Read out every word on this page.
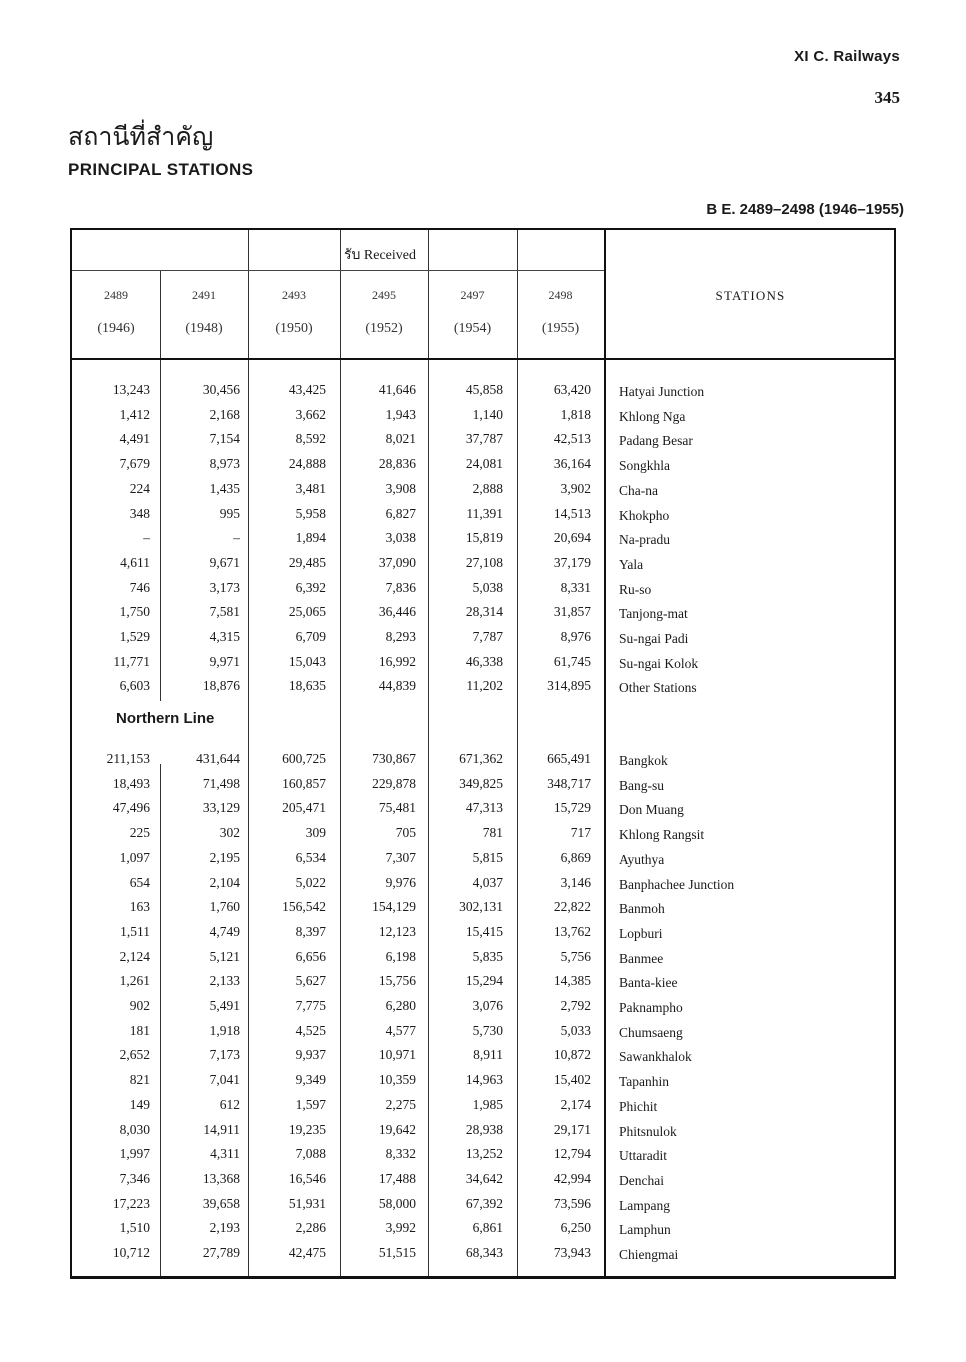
XI C. Railways
345
สถานีที่สำคัญ
PRINCIPAL STATIONS
B E. 2489–2498 (1946–1955)
รับ Received
STATIONS
2489	2491	2493	2495	2497	2498
(1946)	(1948)	(1950)	(1952)	(1954)	(1955)
Northern Line
13,243	30,456	43,425	41,646	45,858	63,420 Hatyai Junction
1,412	2,168	3,662	1,943	1,140	1,818 Khlong Nga
4,491	7,154	8,592	8,021	37,787	42,513 Padang Besar
7,679	8,973	24,888	28,836	24,081	36,164 Songkhla
224	1,435	3,481	3,908	2,888	3,902 Cha-na
348	995	5,958	6,827	11,391	14,513 Khokpho
–	–	1,894	3,038	15,819	20,694 Na-pradu
4,611	9,671	29,485	37,090	27,108	37,179 Yala
746	3,173	6,392	7,836	5,038	8,331 Ru-so
1,750	7,581	25,065	36,446	28,314	31,857 Tanjong-mat
1,529	4,315	6,709	8,293	7,787	8,976 Su-ngai Padi
11,771	9,971	15,043	16,992	46,338	61,745 Su-ngai Kolok
6,603	18,876	18,635	44,839	11,202	314,895 Other Stations
211,153	431,644	600,725	730,867	671,362	665,491 Bangkok
18,493	71,498	160,857	229,878	349,825	348,717 Bang-su
47,496	33,129	205,471	75,481	47,313	15,729 Don Muang
225	302	309	705	781	717 Khlong Rangsit
1,097	2,195	6,534	7,307	5,815	6,869 Ayuthya
654	2,104	5,022	9,976	4,037	3,146 Banphachee Junction
163	1,760	156,542	154,129	302,131	22,822 Banmoh
1,511	4,749	8,397	12,123	15,415	13,762 Lopburi
2,124	5,121	6,656	6,198	5,835	5,756 Banmee
1,261	2,133	5,627	15,756	15,294	14,385 Banta-kiee
902	5,491	7,775	6,280	3,076	2,792 Paknampho
181	1,918	4,525	4,577	5,730	5,033 Chumsaeng
2,652	7,173	9,937	10,971	8,911	10,872 Sawankhalok
821	7,041	9,349	10,359	14,963	15,402 Tapanhin
149	612	1,597	2,275	1,985	2,174 Phichit
8,030	14,911	19,235	19,642	28,938	29,171 Phitsnulok
1,997	4,311	7,088	8,332	13,252	12,794 Uttaradit
7,346	13,368	16,546	17,488	34,642	42,994 Denchai
17,223	39,658	51,931	58,000	67,392	73,596 Lampang
1,510	2,193	2,286	3,992	6,861	6,250 Lamphun
10,712	27,789	42,475	51,515	68,343	73,943 Chiengmai
